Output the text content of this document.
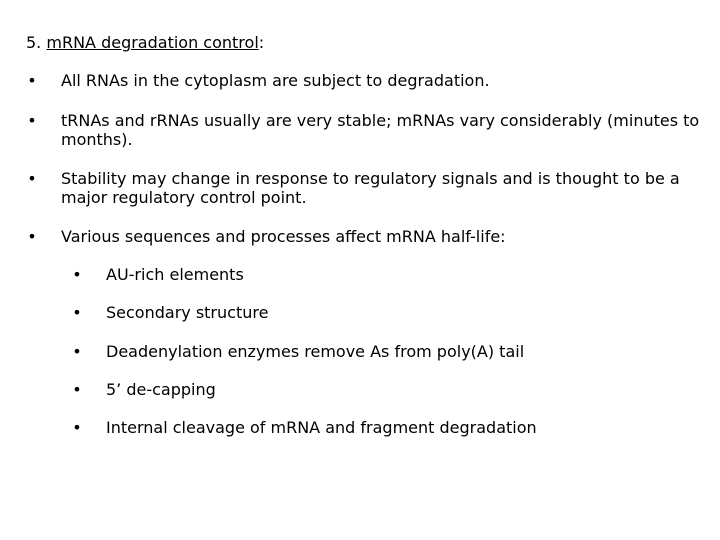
5. mRNA degradation control:
• All RNAs in the cytoplasm are subject to degradation.
• tRNAs and rRNAs usually are very stable; mRNAs vary considerably (minutes to months).
• Stability may change in response to regulatory signals and is thought to be a major regulatory control point.
• Various sequences and processes affect mRNA half-life:
• AU-rich elements
• Secondary structure
• Deadenylation enzymes remove As from poly(A) tail
• 5’ de-capping
• Internal cleavage of mRNA and fragment degradation
